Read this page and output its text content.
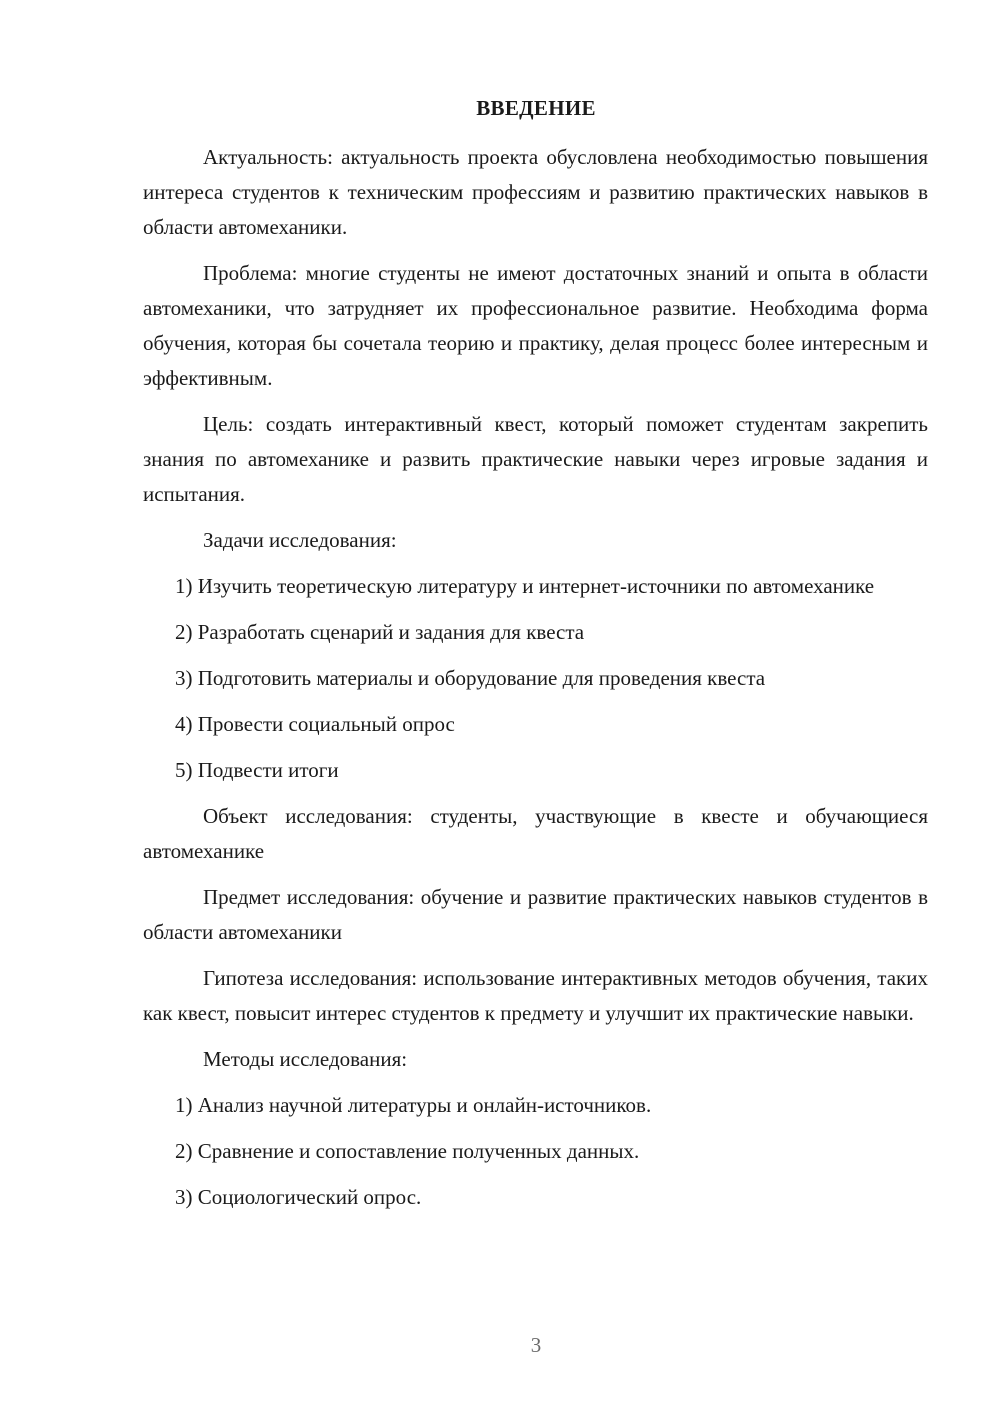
ВВЕДЕНИЕ

Актуальность: актуальность проекта обусловлена необходимостью повышения интереса студентов к техническим профессиям и развитию практических навыков в области автомеханики.

Проблема: многие студенты не имеют достаточных знаний и опыта в области автомеханики, что затрудняет их профессиональное развитие. Необходима форма обучения, которая бы сочетала теорию и практику, делая процесс более интересным и эффективным.

Цель: создать интерактивный квест, который поможет студентам закрепить знания по автомеханике и развить практические навыки через игровые задания и испытания.

Задачи исследования:

1) Изучить теоретическую литературу и интернет-источники по автомеханике

2) Разработать сценарий и задания для квеста

3) Подготовить материалы и оборудование для проведения квеста

4) Провести социальный опрос

5) Подвести итоги

Объект исследования: студенты, участвующие в квесте и обучающиеся автомеханике

Предмет исследования: обучение и развитие практических навыков студентов в области автомеханики

Гипотеза исследования: использование интерактивных методов обучения, таких как квест, повысит интерес студентов к предмету и улучшит их практические навыки.

Методы исследования:

1) Анализ научной литературы и онлайн-источников.

2) Сравнение и сопоставление полученных данных.

3) Социологический опрос.

3
